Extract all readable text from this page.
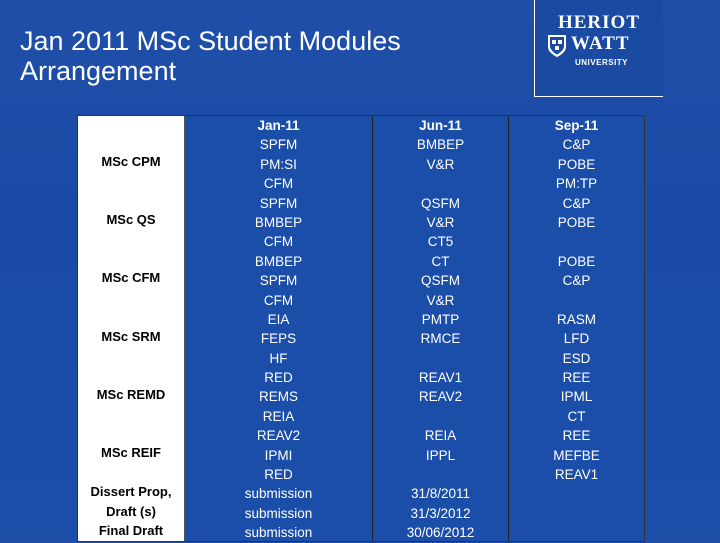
Jan 2011 MSc Student Modules Arrangement
HERIOT
WATT
UNIVERSITY
MSc CPM
MSc QS
MSc CFM
MSc SRM
MSc REMD
MSc REIF
Dissert Prop,
Draft (s)
Final Draft
Jan-11
SPFM
PM:SI
CFM
SPFM
BMBEP
CFM
BMBEP
SPFM
CFM
EIA
FEPS
HF
RED
REMS
REIA
REAV2
IPMI
RED
submission
submission
submission
Jun-11
BMBEP
V&R
QSFM
V&R
CT5
CT
QSFM
V&R
PMTP
RMCE
REAV1
REAV2
REIA
IPPL
31/8/2011
31/3/2012
30/06/2012
Sep-11
C&P
POBE
PM:TP
C&P
POBE
POBE
C&P
RASM
LFD
ESD
REE
IPML
CT
REE
MEFBE
REAV1
